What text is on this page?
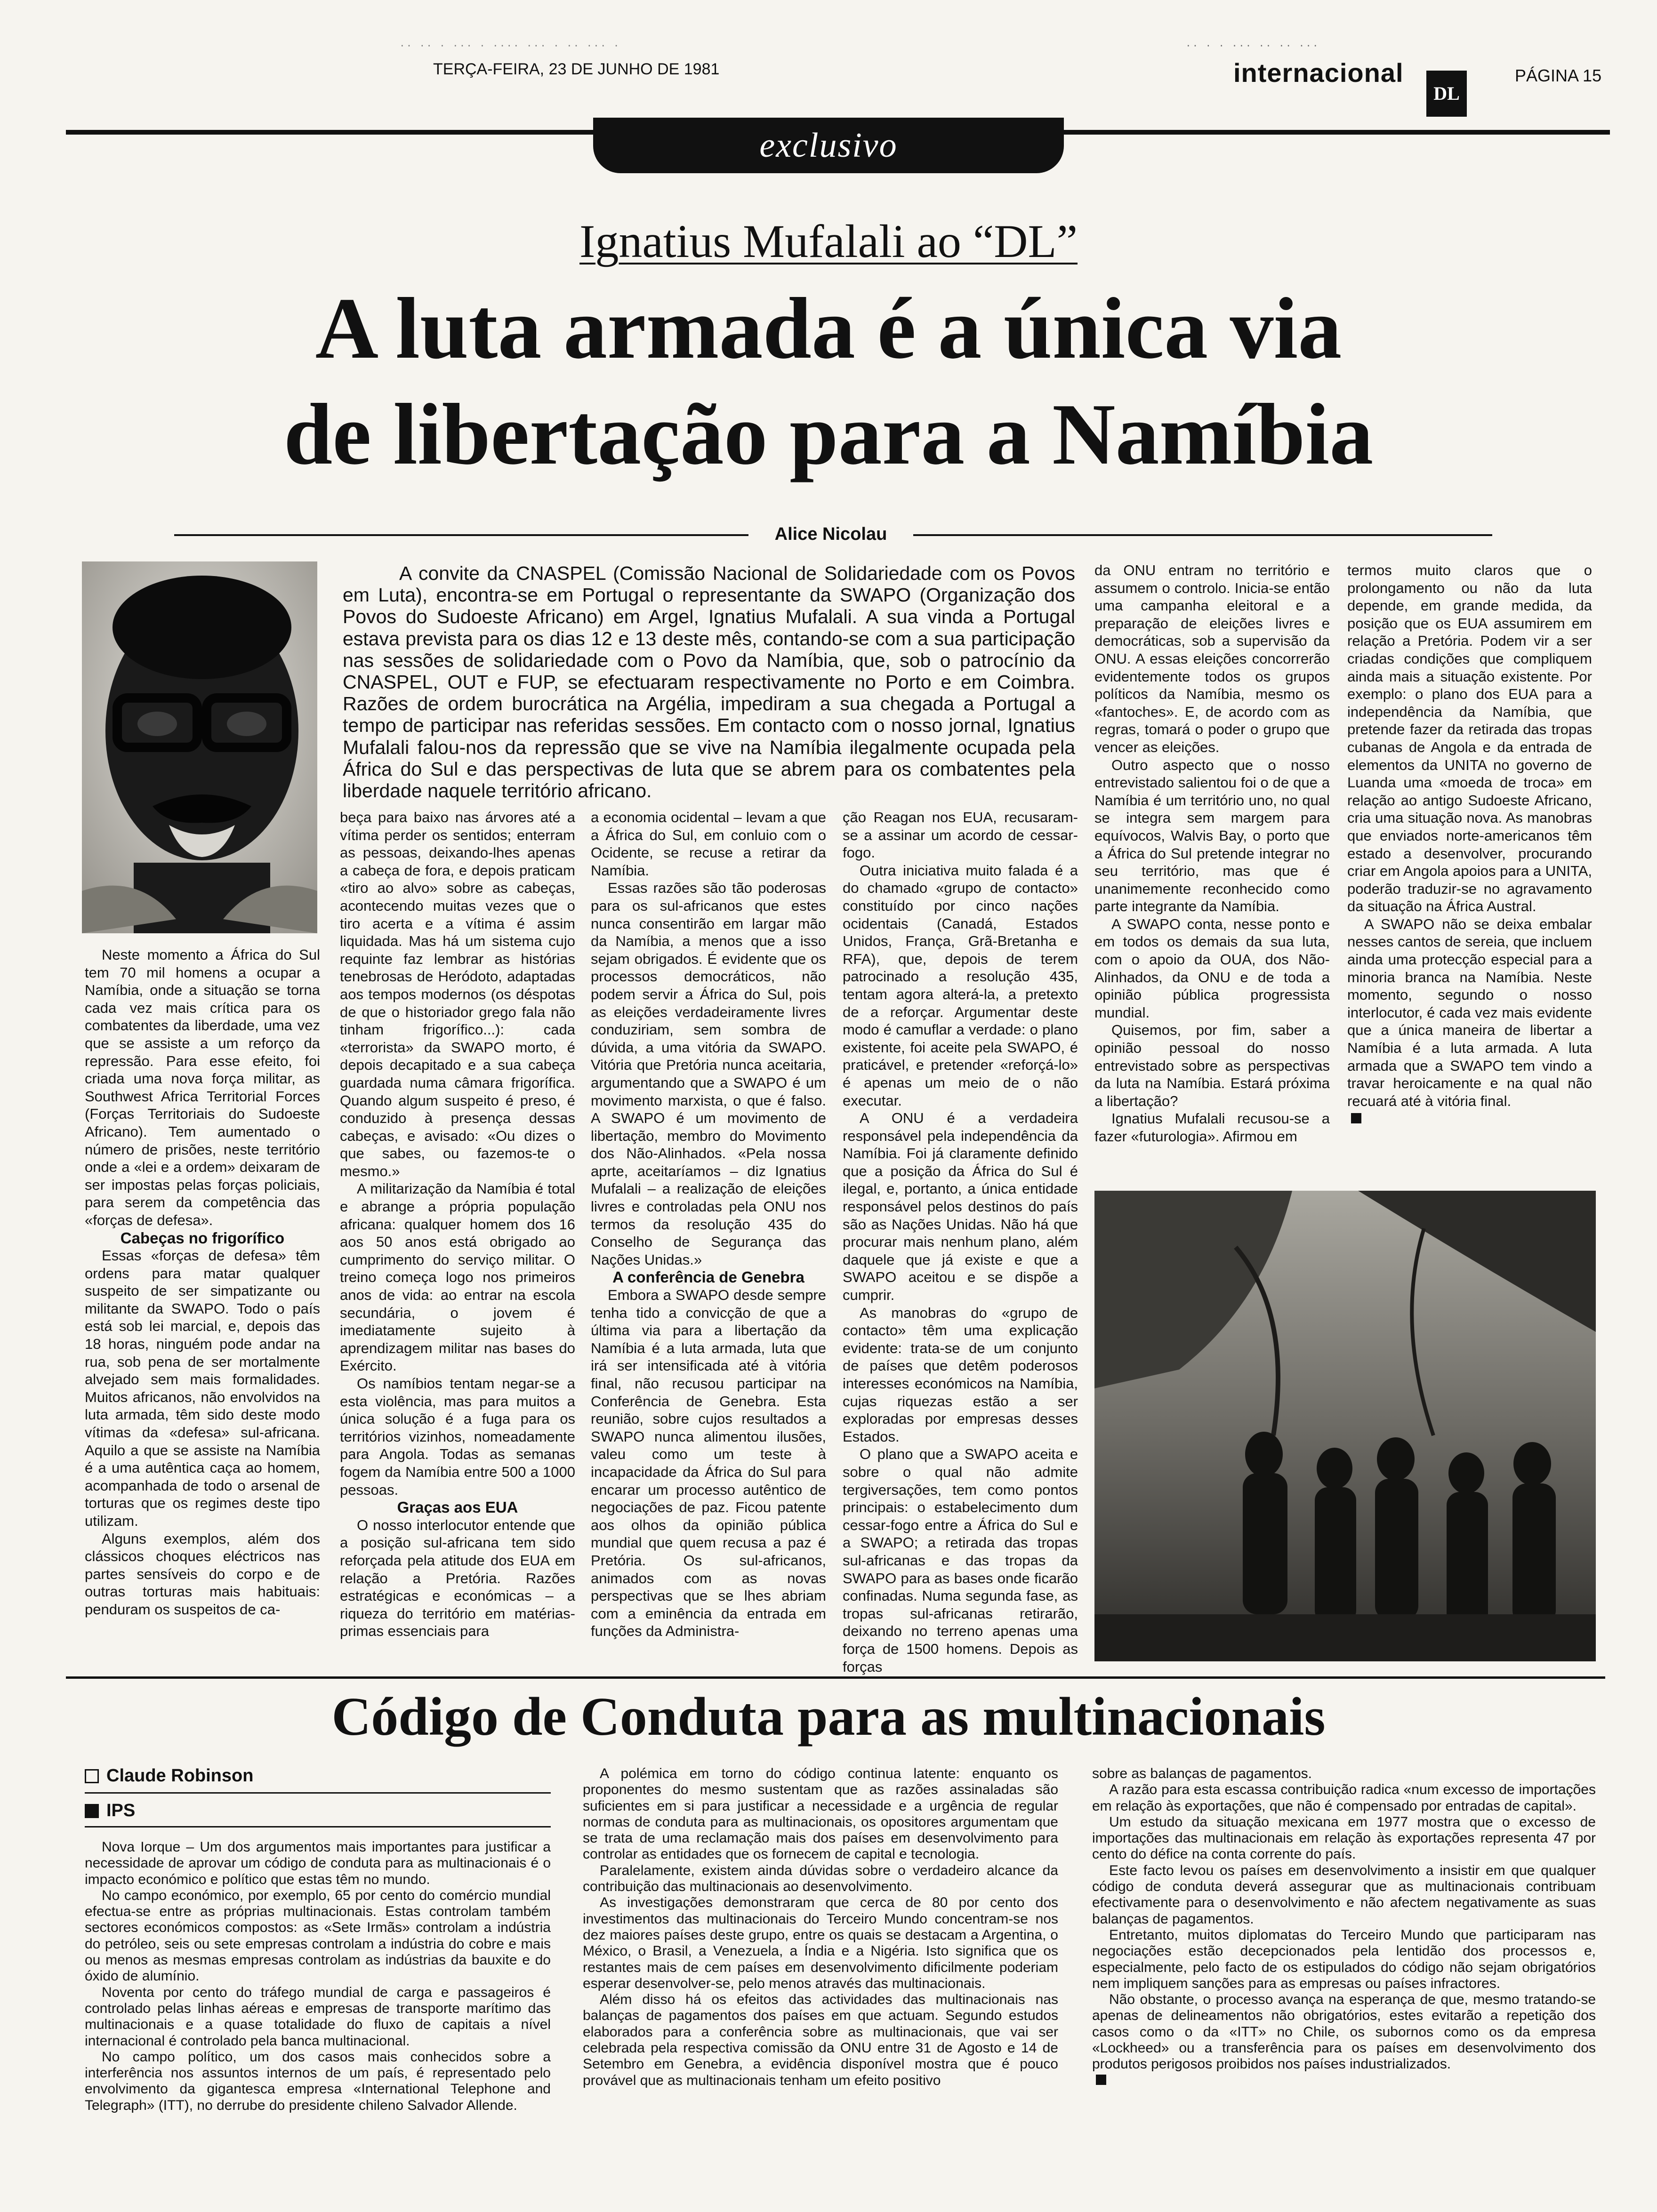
·· ·· · ··· · ···· ··· · ·· ··· ·
TERÇA-FEIRA, 23 DE JUNHO DE 1981
·· · · ··· ·· ·· ···
internacional
DL
PÁGINA 15
exclusivo
Ignatius Mufalali ao “DL”
A luta armada é a única via
de libertação para a Namíbia
Alice Nicolau
A convite da CNASPEL (Comissão Nacional de Solidariedade com os Povos em Luta), encontra-se em Portugal o representante da SWAPO (Organização dos Povos do Sudoeste Africano) em Argel, Ignatius Mufalali. A sua vinda a Portugal estava prevista para os dias 12 e 13 deste mês, contando-se com a sua participação nas sessões de solidariedade com o Povo da Namíbia, que, sob o patrocínio da CNASPEL, OUT e FUP, se efectuaram respectivamente no Porto e em Coimbra. Razões de ordem burocrática na Argélia, impediram a sua chegada a Portugal a tempo de participar nas referidas sessões. Em contacto com o nosso jornal, Ignatius Mufalali falou-nos da repressão que se vive na Namíbia ilegalmente ocupada pela África do Sul e das perspectivas de luta que se abrem para os combatentes pela liberdade naquele território africano.

Neste momento a África do Sul tem 70 mil homens a ocupar a Namíbia, onde a situação se torna cada vez mais crítica para os combatentes da liberdade, uma vez que se assiste a um reforço da repressão. Para esse efeito, foi criada uma nova força militar, as Southwest Africa Territorial Forces (Forças Territoriais do Sudoeste Africano). Tem aumentado o número de prisões, neste território onde a «lei e a ordem» deixaram de ser impostas pelas forças policiais, para serem da competência das «forças de defesa».

Cabeças no frigorífico

Essas «forças de defesa» têm ordens para matar qualquer suspeito de ser simpatizante ou militante da SWAPO. Todo o país está sob lei marcial, e, depois das 18 horas, ninguém pode andar na rua, sob pena de ser mortalmente alvejado sem mais formalidades. Muitos africanos, não envolvidos na luta armada, têm sido deste modo vítimas da «defesa» sul-africana. Aquilo a que se assiste na Namíbia é a uma autêntica caça ao homem, acompanhada de todo o arsenal de torturas que os regimes deste tipo utilizam.

Alguns exemplos, além dos clássicos choques eléctricos nas partes sensíveis do corpo e de outras torturas mais habituais: penduram os suspeitos de ca-

beça para baixo nas árvores até a vítima perder os sentidos; enterram as pessoas, deixando-lhes apenas a cabeça de fora, e depois praticam «tiro ao alvo» sobre as cabeças, acontecendo muitas vezes que o tiro acerta e a vítima é assim liquidada. Mas há um sistema cujo requinte faz lembrar as histórias tenebrosas de Heródoto, adaptadas aos tempos modernos (os déspotas de que o historiador grego fala não tinham frigorífico...): cada «terrorista» da SWAPO morto, é depois decapitado e a sua cabeça guardada numa câmara frigorífica. Quando algum suspeito é preso, é conduzido à presença dessas cabeças, e avisado: «Ou dizes o que sabes, ou fazemos-te o mesmo.»

A militarização da Namíbia é total e abrange a própria população africana: qualquer homem dos 16 aos 50 anos está obrigado ao cumprimento do serviço militar. O treino começa logo nos primeiros anos de vida: ao entrar na escola secundária, o jovem é imediatamente sujeito à aprendizagem militar nas bases do Exército.

Os namíbios tentam negar-se a esta violência, mas para muitos a única solução é a fuga para os territórios vizinhos, nomeadamente para Angola. Todas as semanas fogem da Namíbia entre 500 a 1000 pessoas.

Graças aos EUA

O nosso interlocutor entende que a posição sul-africana tem sido reforçada pela atitude dos EUA em relação a Pretória. Razões estratégicas e económicas – a riqueza do território em matérias-primas essenciais para

a economia ocidental – levam a que a África do Sul, em conluio com o Ocidente, se recuse a retirar da Namíbia.

Essas razões são tão poderosas para os sul-africanos que estes nunca consentirão em largar mão da Namíbia, a menos que a isso sejam obrigados. É evidente que os processos democráticos, não podem servir a África do Sul, pois as eleições verdadeiramente livres conduziriam, sem sombra de dúvida, a uma vitória da SWAPO. Vitória que Pretória nunca aceitaria, argumentando que a SWAPO é um movimento marxista, o que é falso. A SWAPO é um movimento de libertação, membro do Movimento dos Não-Alinhados. «Pela nossa aprte, aceitaríamos – diz Ignatius Mufalali – a realização de eleições livres e controladas pela ONU nos termos da resolução 435 do Conselho de Segurança das Nações Unidas.»

A conferência de Genebra

Embora a SWAPO desde sempre tenha tido a convicção de que a última via para a libertação da Namíbia é a luta armada, luta que irá ser intensificada até à vitória final, não recusou participar na Conferência de Genebra. Esta reunião, sobre cujos resultados a SWAPO nunca alimentou ilusões, valeu como um teste à incapacidade da África do Sul para encarar um processo autêntico de negociações de paz. Ficou patente aos olhos da opinião pública mundial que quem recusa a paz é Pretória. Os sul-africanos, animados com as novas perspectivas que se lhes abriam com a eminência da entrada em funções da Administra-

ção Reagan nos EUA, recusaram-se a assinar um acordo de cessar-fogo.

Outra iniciativa muito falada é a do chamado «grupo de contacto» constituído por cinco nações ocidentais (Canadá, Estados Unidos, França, Grã-Bretanha e RFA), que, depois de terem patrocinado a resolução 435, tentam agora alterá-la, a pretexto de a reforçar. Argumentar deste modo é camuflar a verdade: o plano existente, foi aceite pela SWAPO, é praticável, e pretender «reforçá-lo» é apenas um meio de o não executar.

A ONU é a verdadeira responsável pela independência da Namíbia. Foi já claramente definido que a posição da África do Sul é ilegal, e, portanto, a única entidade responsável pelos destinos do país são as Nações Unidas. Não há que procurar mais nenhum plano, além daquele que já existe e que a SWAPO aceitou e se dispõe a cumprir.

As manobras do «grupo de contacto» têm uma explicação evidente: trata-se de um conjunto de países que detêm poderosos interesses económicos na Namíbia, cujas riquezas estão a ser exploradas por empresas desses Estados.

O plano que a SWAPO aceita e sobre o qual não admite tergiversações, tem como pontos principais: o estabelecimento dum cessar-fogo entre a África do Sul e a SWAPO; a retirada das tropas sul-africanas e das tropas da SWAPO para as bases onde ficarão confinadas. Numa segunda fase, as tropas sul-africanas retirarão, deixando no terreno apenas uma força de 1500 homens. Depois as forças

da ONU entram no território e assumem o controlo. Inicia-se então uma campanha eleitoral e a preparação de eleições livres e democráticas, sob a supervisão da ONU. A essas eleições concorrerão evidentemente todos os grupos políticos da Namíbia, mesmo os «fantoches». E, de acordo com as regras, tomará o poder o grupo que vencer as eleições.

Outro aspecto que o nosso entrevistado salientou foi o de que a Namíbia é um território uno, no qual se integra sem margem para equívocos, Walvis Bay, o porto que a África do Sul pretende integrar no seu território, mas que é unanimemente reconhecido como parte integrante da Namíbia.

A SWAPO conta, nesse ponto e em todos os demais da sua luta, com o apoio da OUA, dos Não-Alinhados, da ONU e de toda a opinião pública progressista mundial.

Quisemos, por fim, saber a opinião pessoal do nosso entrevistado sobre as perspectivas da luta na Namíbia. Estará próxima a libertação?

Ignatius Mufalali recusou-se a fazer «futurologia». Afirmou em

termos muito claros que o prolongamento ou não da luta depende, em grande medida, da posição que os EUA assumirem em relação a Pretória. Podem vir a ser criadas condições que compliquem ainda mais a situação existente. Por exemplo: o plano dos EUA para a independência da Namíbia, que pretende fazer da retirada das tropas cubanas de Angola e da entrada de elementos da UNITA no governo de Luanda uma «moeda de troca» em relação ao antigo Sudoeste Africano, cria uma situação nova. As manobras que enviados norte-americanos têm estado a desenvolver, procurando criar em Angola apoios para a UNITA, poderão traduzir-se no agravamento da situação na África Austral.

A SWAPO não se deixa embalar nesses cantos de sereia, que incluem ainda uma protecção especial para a minoria branca na Namíbia. Neste momento, segundo o nosso interlocutor, é cada vez mais evidente que a única maneira de libertar a Namíbia é a luta armada. A luta armada que a SWAPO tem vindo a travar heroicamente e na qual não recuará até à vitória final.

Código de Conduta para as multinacionais
Claude Robinson
IPS

Nova Iorque – Um dos argumentos mais importantes para justificar a necessidade de aprovar um código de conduta para as multinacionais é o impacto económico e político que estas têm no mundo.

No campo económico, por exemplo, 65 por cento do comércio mundial efectua-se entre as próprias multinacionais. Estas controlam também sectores económicos compostos: as «Sete Irmãs» controlam a indústria do petróleo, seis ou sete empresas controlam a indústria do cobre e mais ou menos as mesmas empresas controlam as indústrias da bauxite e do óxido de alumínio.

Noventa por cento do tráfego mundial de carga e passageiros é controlado pelas linhas aéreas e empresas de transporte marítimo das multinacionais e a quase totalidade do fluxo de capitais a nível internacional é controlado pela banca multinacional.

No campo político, um dos casos mais conhecidos sobre a interferência nos assuntos internos de um país, é representado pelo envolvimento da gigantesca empresa «International Telephone and Telegraph» (ITT), no derrube do presidente chileno Salvador Allende.

A polémica em torno do código continua latente: enquanto os proponentes do mesmo sustentam que as razões assinaladas são suficientes em si para justificar a necessidade e a urgência de regular normas de conduta para as multinacionais, os opositores argumentam que se trata de uma reclamação mais dos países em desenvolvimento para controlar as entidades que os fornecem de capital e tecnologia.

Paralelamente, existem ainda dúvidas sobre o verdadeiro alcance da contribuição das multinacionais ao desenvolvimento.

As investigações demonstraram que cerca de 80 por cento dos investimentos das multinacionais do Terceiro Mundo concentram-se nos dez maiores países deste grupo, entre os quais se destacam a Argentina, o México, o Brasil, a Venezuela, a Índia e a Nigéria. Isto significa que os restantes mais de cem países em desenvolvimento dificilmente poderiam esperar desenvolver-se, pelo menos através das multinacionais.

Além disso há os efeitos das actividades das multinacionais nas balanças de pagamentos dos países em que actuam. Segundo estudos elaborados para a conferência sobre as multinacionais, que vai ser celebrada pela respectiva comissão da ONU entre 31 de Agosto e 14 de Setembro em Genebra, a evidência disponível mostra que é pouco provável que as multinacionais tenham um efeito positivo

sobre as balanças de pagamentos.

A razão para esta escassa contribuição radica «num excesso de importações em relação às exportações, que não é compensado por entradas de capital».

Um estudo da situação mexicana em 1977 mostra que o excesso de importações das multinacionais em relação às exportações representa 47 por cento do défice na conta corrente do país.

Este facto levou os países em desenvolvimento a insistir em que qualquer código de conduta deverá assegurar que as multinacionais contribuam efectivamente para o desenvolvimento e não afectem negativamente as suas balanças de pagamentos.

Entretanto, muitos diplomatas do Terceiro Mundo que participaram nas negociações estão decepcionados pela lentidão dos processos e, especialmente, pelo facto de os estipulados do código não sejam obrigatórios nem impliquem sanções para as empresas ou países infractores.

Não obstante, o processo avança na esperança de que, mesmo tratando-se apenas de delineamentos não obrigatórios, estes evitarão a repetição dos casos como o da «ITT» no Chile, os subornos como os da empresa «Lockheed» ou a transferência para os países em desenvolvimento dos produtos perigosos proibidos nos países industrializados.
